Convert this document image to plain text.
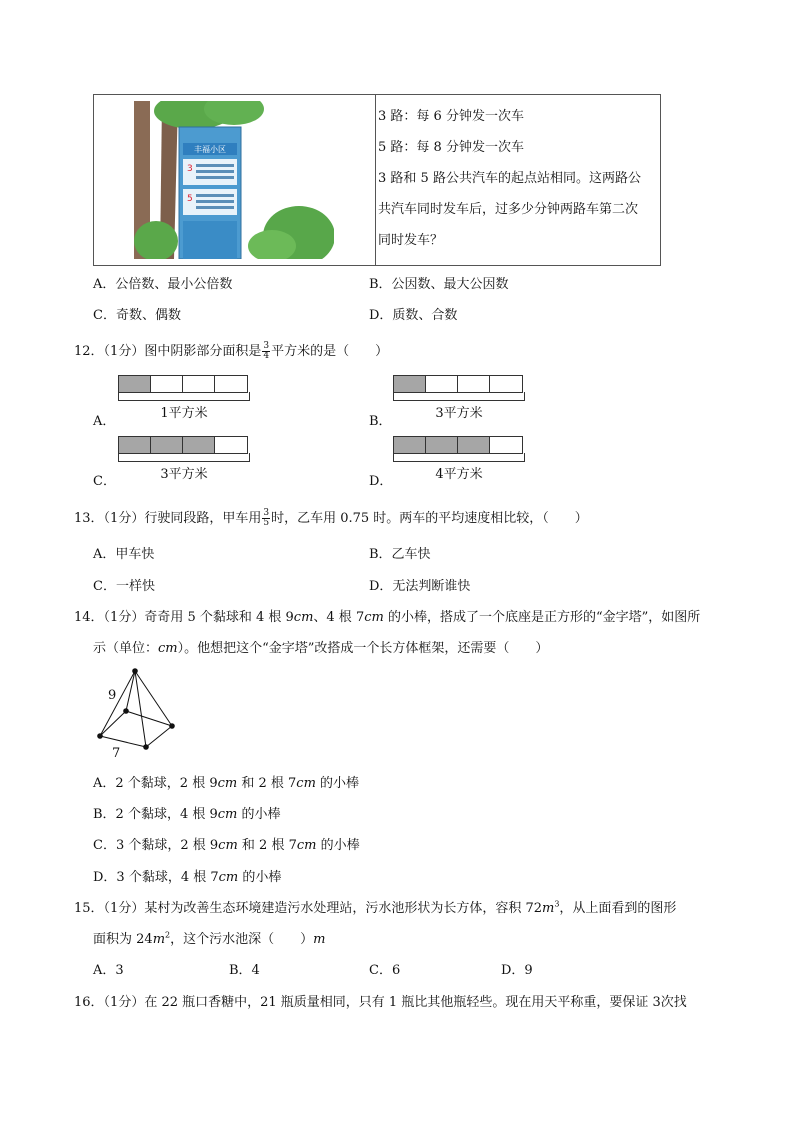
丰福小区
3
5
3 路：每 6 分钟发一次车
5 路：每 8 分钟发一次车
3 路和 5 路公共汽车的起点站相同。这两路公
共汽车同时发车后，过多少分钟两路车第二次
同时发车？
A．公倍数、最小公倍数	B．公因数、最大公因数
C．奇数、偶数	D．质数、合数
12．（1分）图中阴影部分面积是 $\frac{3}{4}$ 平方米的是（　　）
A．
1平方米
B．
3平方米
C．	3平方米	D．	4平方米
13．（1分）行驶同段路，甲车用 $\frac{3}{5}$ 时，乙车用 0.75 时。两车的平均速度相比较，（　　）
A．甲车快	B．乙车快
C．一样快	D．无法判断谁快
14．（1分）奇奇用 5 个黏球和 4 根 9cm、4 根 7cm 的小棒，搭成了一个底座是正方形的“金字塔”，如图所
示（单位：cm）。他想把这个“金字塔”改搭成一个长方体框架，还需要（　　）
9
7
A．2 个黏球，2 根 9cm 和 2 根 7cm 的小棒
B．2 个黏球，4 根 9cm 的小棒
C．3 个黏球，2 根 9cm 和 2 根 7cm 的小棒
D．3 个黏球，4 根 7cm 的小棒
15．（1分）某村为改善生态环境建造污水处理站，污水池形状为长方体，容积 $72m^3$，从上面看到的图形
面积为 $24m^2$，这个污水池深（　　）m
A．3	B．4	C．6	D．9
16．（1分）在 22 瓶口香糖中，21 瓶质量相同，只有 1 瓶比其他瓶轻些。现在用天平称重，要保证 3次找
